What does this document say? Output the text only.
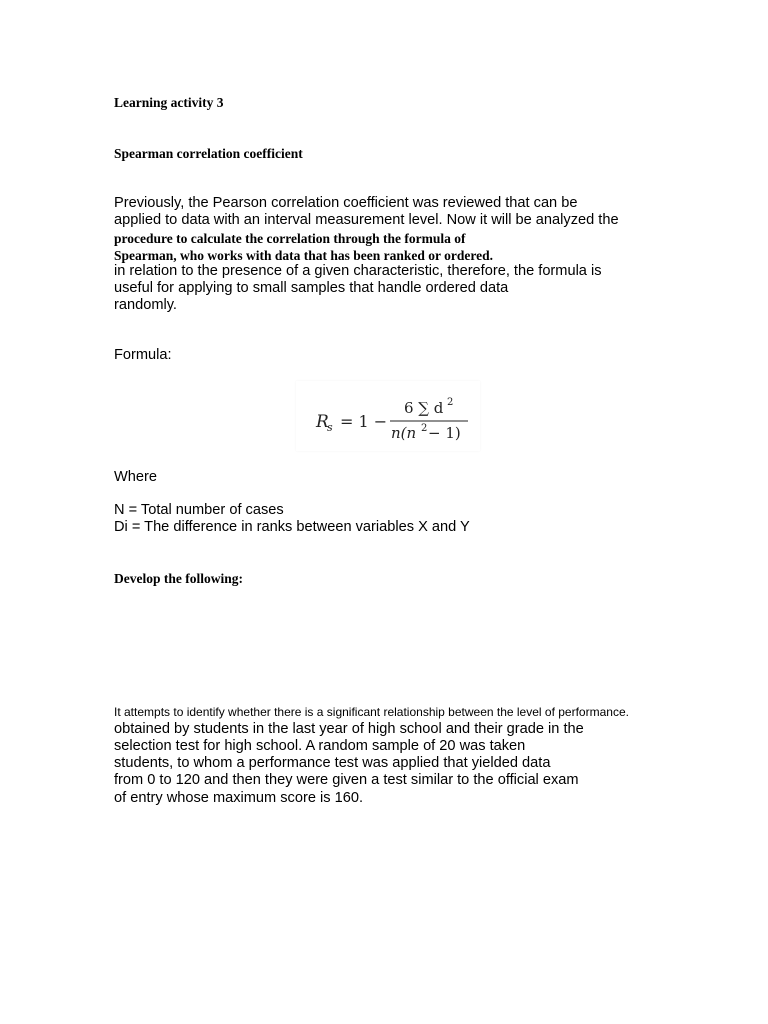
Learning activity 3
Spearman correlation coefficient
Previously, the Pearson correlation coefficient was reviewed that can be
applied to data with an interval measurement level. Now it will be analyzed the
procedure to calculate the correlation through the formula of
Spearman, who works with data that has been ranked or ordered.
in relation to the presence of a given characteristic, therefore, the formula is
useful for applying to small samples that handle ordered data
randomly.
Formula:
R
s = 1 −
6 ∑ d 2
n(n 2 − 1)
Where
N = Total number of cases
Di = The difference in ranks between variables X and Y
Develop the following:
It attempts to identify whether there is a significant relationship between the level of performance.
obtained by students in the last year of high school and their grade in the
selection test for high school. A random sample of 20 was taken
students, to whom a performance test was applied that yielded data
from 0 to 120 and then they were given a test similar to the official exam
of entry whose maximum score is 160.
